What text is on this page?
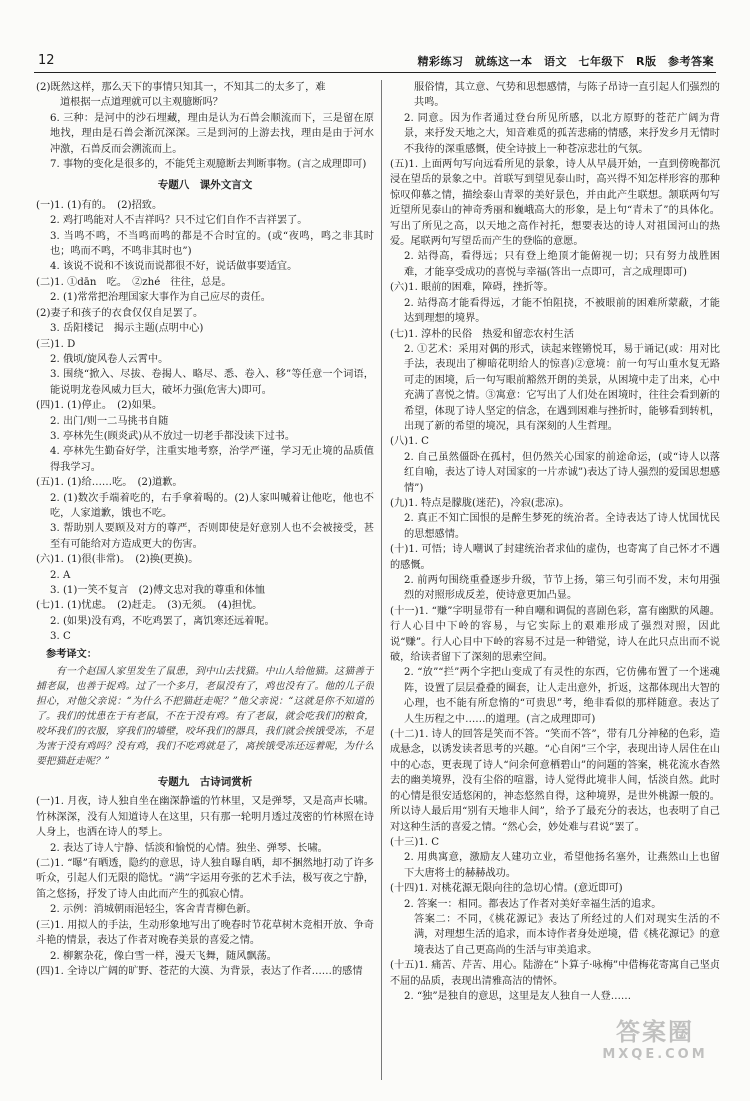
12	精彩练习　就练这一本　语文　七年级下　R版　参考答案
(2)既然这样，那么天下的事情只知其一，不知其二的太多了，难
道根据一点道理就可以主观臆断吗？
6. 三种：是河中的沙石埋藏，理由是认为石兽会顺流而下，三是留在原地找，理由是石兽会渐沉深深。三是到河的上游去找，理由是由于河水冲激，石兽反而会溯流而上。
7. 事物的变化是很多的，不能凭主观臆断去判断事物。(言之成理即可)
专题八　课外文言文
(一)1. (1)有的。　(2)招致。
2. 鸡打鸣能对人不吉祥吗？只不过它们自作不吉祥罢了。
3. 当鸣不鸣，不当鸣而鸣的都是不合时宜的。(或“夜鸣，鸣之非其时也；鸣而不鸣，不鸣非其时也”)
4. 该说不说和不该说而说都很不好，说话做事要适宜。
(二)1. ①dān　吃。　②zhé　往往，总是。
2. (1)常常把治理国家大事作为自己应尽的责任。
(2)妻子和孩子的衣食仅仅自足罢了。
3. 岳阳楼记　揭示主题(点明中心)
(三)1. D
2. 俄顷/旋风卷人云霄中。
3. 围绕“掀入、尽拔、卷揭人、略尽、悉、卷入、移”等任意一个词语，能说明龙卷风威力巨大，破坏力强(危害大)即可。
(四)1. (1)停止。　(2)如果。
2. 出门/则一二马挑书自随
3. 亭林先生(顾炎武)从不放过一切老手都没读下过书。
4. 亭林先生勤奋好学，注重实地考察，治学严谨，学习无止境的品质值得我学习。
(五)1. (1)给……吃。　(2)道歉。
2. (1)数次手端着吃的，右手拿着喝的。(2)人家叫喊着让他吃，他也不吃，人家道歉，饿也不吃。
3. 帮助别人要顾及对方的尊严，否则即使是好意别人也不会被接受，甚至有可能给对方造成更大的伤害。
(六)1. (1)很(非常)。　(2)换(更换)。
2. A
3. (1)一笑不复言　(2)傅文忠对我的尊重和体恤
(七)1. (1)忧虑。　(2)赶走。　(3)无须。　(4)担忧。
2. (如果)没有鸡，不吃鸡罢了，离饥寒还远着呢。
3. C
参考译文：
有一个赵国人家里发生了鼠患，到中山去找猫。中山人给他猫。这猫善于捕老鼠，也善于捉鸡。过了一个多月，老鼠没有了，鸡也没有了。他的儿子很担心，对他父亲说：“为什么不把猫赶走呢？”他父亲说：“这就是你不知道的了。我们的忧患在于有老鼠，不在于没有鸡。有了老鼠，就会吃我们的粮食，咬坏我们的衣服，穿我们的墙壁，咬坏我们的器具，我们就会挨饿受冻，不是为害于没有鸡吗？没有鸡，我们不吃鸡就是了，离挨饿受冻还远着呢，为什么要把猫赶走呢？”
专题九　古诗词赏析
(一)1. 月夜，诗人独自坐在幽深静谧的竹林里，又是弹琴，又是高声长啸。竹林深深，没有人知道诗人在这里，只有那一轮明月透过茂密的竹林照在诗人身上，也洒在诗人的琴上。
2. 表达了诗人宁静、恬淡和愉悦的心情。独坐、弹琴、长啸。
(二)1. “曝”有晒透，隐约的意思，诗人独自曝自晒，却不捆然地打动了许多听众，引起人们无限的隐忧。“满”字运用夸张的艺术手法，极写夜之宁静，笛之悠扬，抒发了诗人由此而产生的孤寂心情。
2. 示例：消城朝雨浥轻尘，客舍青青柳色新。
(三)1. 用拟人的手法，生动形象地写出了晚春时节花草树木竞相开放、争奇斗艳的情景，表达了作者对晚春美景的喜爱之情。
2. 柳絮杂花，像白雪一样，漫天飞舞，随风飘荡。
(四)1. 全诗以广阔的旷野、苍茫的大漠、为背景，表达了作者……的感情
服俗情，其立意、气势和思想感情，与陈子昂诗一直引起人们强烈的共鸣。
2. 同意。因为作者通过登台所见所感，以北方原野的苍茫广阔为背景，来抒发天地之大，知音难觅的孤苦悲痛的情感，来抒发乡月无情时不我待的深重感慨，使全诗披上一种苍凉悲壮的气氛。
(五)1. 上面两句写向远看所见的景象，诗人从早晨开始，一直到傍晚都沉浸在望岳的景象之中。首联写到望见泰山时，高兴得不知怎样形容的那种惊叹仰慕之情，描绘泰山青翠的美好景色，并由此产生联想。颔联两句写近望所见泰山的神奇秀丽和巍峨高大的形象，是上句“青未了”的具体化。写出了所见之高，以天地之高作衬托，想要表达的诗人对祖国河山的热爱。尾联两句写望岳而产生的登临的意愿。
2. 站得高，看得远；只有登上绝顶才能俯视一切；只有努力战胜困难，才能享受成功的喜悦与幸福(答出一点即可，言之成理即可)
(六)1. 眼前的困难，障碍，挫折等。
2. 站得高才能看得远，才能不怕阻挠，不被眼前的困难所蒙蔽，才能达到理想的境界。
(七)1. 淳朴的民俗　热爱和留恋农村生活
2. ①艺术：采用对偶的形式，读起来铿锵悦耳，易于诵记(或：用对比手法，表现出了柳暗花明给人的惊喜)②意境：前一句写山重水复无路可走的困境，后一句写眼前豁然开朗的美景，从困境中走了出来，心中充满了喜悦之情。③寓意：它写出了人们处在困境时，往往会看到新的希望，体现了诗人坚定的信念，在遇到困难与挫折时，能够看到转机，出现了新的希望的境况，具有深刻的人生哲理。
(八)1. C
2. 自己虽然僵卧在孤村，但仍然关心国家的前途命运，(或“诗人以落红自喻，表达了诗人对国家的一片赤诚”)表达了诗人强烈的爱国思想感情”)
(九)1. 特点是朦胧(迷茫)，冷寂(悲凉)。
2. 真正不知亡国恨的是醉生梦死的统治者。全诗表达了诗人忧国忧民的思想感情。
(十)1. 可悟；诗人嘲讽了封建统治者求仙的虚伪，也寄寓了自己怀才不遇的感慨。
2. 前两句围绕重叠逐步升级，节节上扬，第三句引而不发，末句用强烈的对照形成反差，使诗意更加凸显。
(十一)1. “赚”字明显带有一种自嘲和调侃的喜剧色彩，富有幽默的风趣。行人心目中下岭的容易，与它实际上的艰难形成了强烈对照，因此说“赚”。行人心目中下岭的容易不过是一种错觉，诗人在此只点出而不说破，给读者留下了深刻的思索空间。
2. “放”“拦”两个字把山变成了有灵性的东西，它仿佛布置了一个迷魂阵，设置了层层叠叠的圈套，让人走出意外，折返，这都体现出大智的心理，也不能有所怠惰的“可贵思”考，绝非看似的那样随意。表达了人生历程之中……的道理。(言之成理即可)
(十二)1. 诗人的回答是笑而不答。“笑而不答”，带有几分神秘的色彩，造成悬念，以诱发读者思考的兴趣。“心自闲”三个字，表现出诗人居住在山中的心态，更表现了诗人“问余何意栖碧山”的问题的答案，桃花流水杳然去的幽美境界，没有尘俗的喧嚣，诗人觉得此境非人间，恬淡自然。此时的心情是很安适悠闲的，神态悠然自得，这种境界，是世外桃源一般的。所以诗人最后用“别有天地非人间”，给予了最充分的表达，也表明了自己对这种生活的喜爱之情。“然心会，妙处难与君说”罢了。
(十三)1. C
2. 用典寓意，激励友人建功立业，希望他扬名塞外，让燕然山上也留下大唐将士的赫赫战功。
(十四)1. 对桃花源无限向往的急切心情。(意近即可)
2. 答案一：相同。都表达了作者对美好幸福生活的追求。
答案二：不同，《桃花源记》表达了所经过的人们对现实生活的不满，对理想生活的追求，而本诗作者身处逆境，借《桃花源记》的意境表达了自己更高尚的生活与审美追求。
(十五)1. 痛苦、芹苦、用心。陆游在“卜算子·咏梅”中借梅花寄寓自己坚贞不屈的品质，表现出清雅高洁的情怀。
2. “独”是独自的意思，这里是友人独自一人登……
答案圈
MXQE.COM
